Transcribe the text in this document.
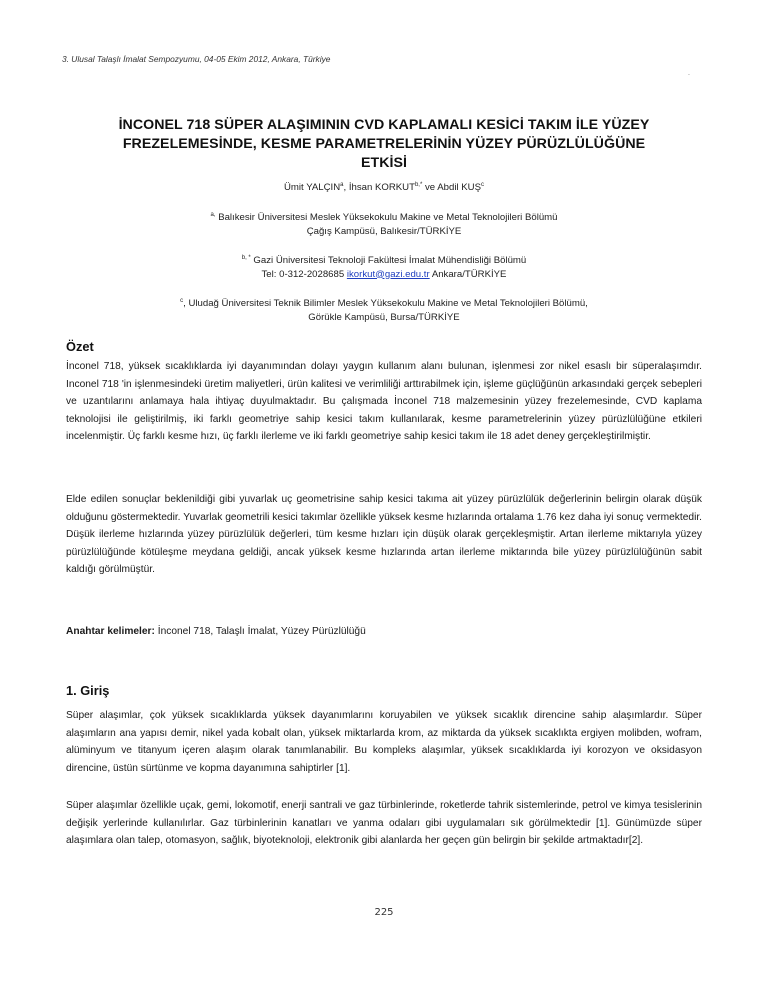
3. Ulusal Talaşlı İmalat Sempozyumu, 04-05 Ekim 2012, Ankara, Türkiye
.
İNCONEL 718 SÜPER ALAŞIMININ CVD KAPLAMALI KESİCİ TAKIM İLE YÜZEY
FREZELEMESİNDE, KESME PARAMETRELERİNİN YÜZEY PÜRÜZLÜLÜĞÜNE
ETKİSİ
Ümit YALÇIN$^a$, İhsan $KORKUT^{b,*}$ ve Abdil KUŞ$^c$
$^{a,}$ Balıkesir Üniversitesi Meslek Yüksekokulu Makine ve Metal Teknolojileri Bölümü
Çağış Kampüsü, Balıkesir/TÜRKİYE
$^{b, *}$ Gazi Üniversitesi Teknoloji Fakültesi İmalat Mühendisliği Bölümü
Tel: 0-312-2028685 ikorkut@gazi.edu.tr Ankara/TÜRKİYE
$^c$, Uludağ Üniversitesi Teknik Bilimler Meslek Yüksekokulu Makine ve Metal Teknolojileri Bölümü,
Görükle Kampüsü, Bursa/TÜRKİYE
Özet

İnconel 718, yüksek sıcaklıklarda iyi dayanımından dolayı yaygın kullanım alanı bulunan, işlenmesi zor nikel esaslı bir süperalaşımdır. Inconel 718 'in işlenmesindeki üretim maliyetleri, ürün kalitesi ve verimliliği arttırabilmek için, işleme güçlüğünün arkasındaki gerçek sebepleri ve uzantılarını anlamaya hala ihtiyaç duyulmaktadır. Bu çalışmada İnconel 718 malzemesinin yüzey frezelemesinde, CVD kaplama teknolojisi ile geliştirilmiş, iki farklı geometriye sahip kesici takım kullanılarak, kesme parametrelerinin yüzey pürüzlülüğüne etkileri incelenmiştir. Üç farklı kesme hızı, üç farklı ilerleme ve iki farklı geometriye sahip kesici takım ile 18 adet deney gerçekleştirilmiştir.

Elde edilen sonuçlar beklenildiği gibi yuvarlak uç geometrisine sahip kesici takıma ait yüzey pürüzlülük değerlerinin belirgin olarak düşük olduğunu göstermektedir. Yuvarlak geometrili kesici takımlar özellikle yüksek kesme hızlarında ortalama 1.76 kez daha iyi sonuç vermektedir. Düşük ilerleme hızlarında yüzey pürüzlülük değerleri, tüm kesme hızları için düşük olarak gerçekleşmiştir. Artan ilerleme miktarıyla yüzey pürüzlülüğünde kötüleşme meydana geldiği, ancak yüksek kesme hızlarında artan ilerleme miktarında bile yüzey pürüzlülüğünün sabit kaldığı görülmüştür.

Anahtar kelimeler: İnconel 718, Talaşlı İmalat, Yüzey Pürüzlülüğü
1. Giriş

Süper alaşımlar, çok yüksek sıcaklıklarda yüksek dayanımlarını koruyabilen ve yüksek sıcaklık direncine sahip alaşımlardır. Süper alaşımların ana yapısı demir, nikel yada kobalt olan, yüksek miktarlarda krom, az miktarda da yüksek sıcaklıkta ergiyen molibden, wofram, alüminyum ve titanyum içeren alaşım olarak tanımlanabilir. Bu kompleks alaşımlar, yüksek sıcaklıklarda iyi korozyon ve oksidasyon direncine, üstün sürtünme ve kopma dayanımına sahiptirler [1].

Süper alaşımlar özellikle uçak, gemi, lokomotif, enerji santrali ve gaz türbinlerinde, roketlerde tahrik sistemlerinde, petrol ve kimya tesislerinin değişik yerlerinde kullanılırlar. Gaz türbinlerinin kanatları ve yanma odaları gibi uygulamaları sık görülmektedir [1]. Günümüzde süper alaşımlara olan talep, otomasyon, sağlık, biyoteknoloji, elektronik gibi alanlarda her geçen gün belirgin bir şekilde artmaktadır[2].

225
